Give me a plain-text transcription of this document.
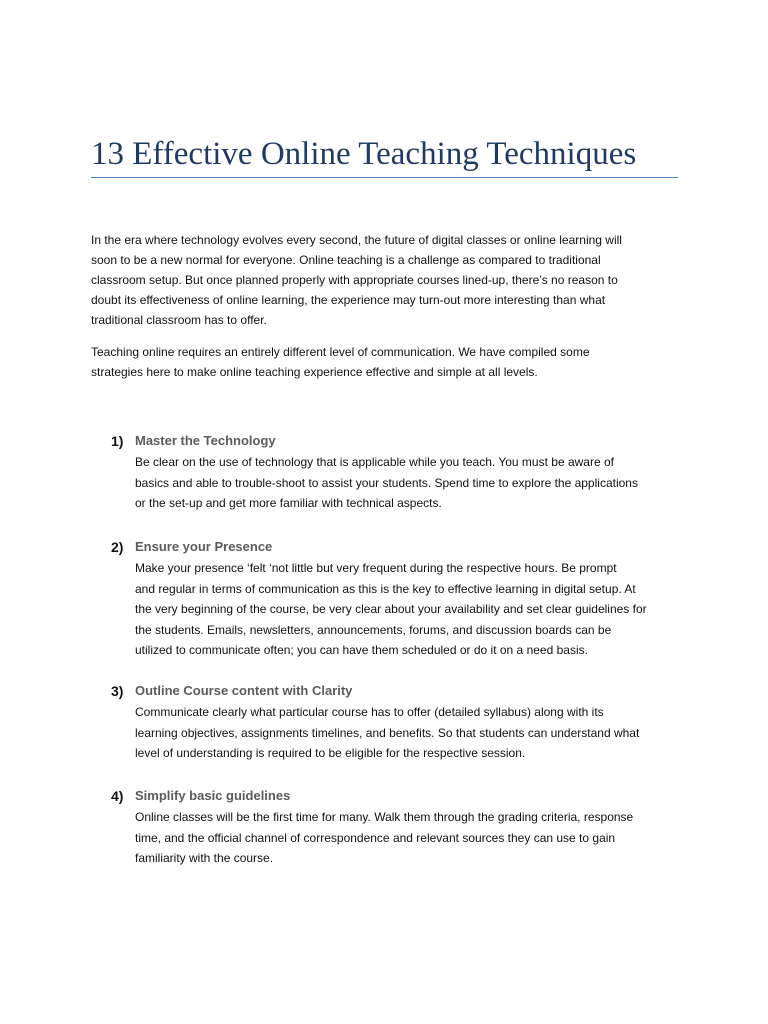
13 Effective Online Teaching Techniques

In the era where technology evolves every second, the future of digital classes or online learning will
soon to be a new normal for everyone. Online teaching is a challenge as compared to traditional
classroom setup. But once planned properly with appropriate courses lined-up, there’s no reason to
doubt its effectiveness of online learning, the experience may turn-out more interesting than what
traditional classroom has to offer.

Teaching online requires an entirely different level of communication. We have compiled some
strategies here to make online teaching experience effective and simple at all levels.

1) Master the Technology
Be clear on the use of technology that is applicable while you teach. You must be aware of
basics and able to trouble-shoot to assist your students. Spend time to explore the applications
or the set-up and get more familiar with technical aspects.
2) Ensure your Presence
Make your presence ‘felt ‘not little but very frequent during the respective hours. Be prompt
and regular in terms of communication as this is the key to effective learning in digital setup. At
the very beginning of the course, be very clear about your availability and set clear guidelines for
the students. Emails, newsletters, announcements, forums, and discussion boards can be
utilized to communicate often; you can have them scheduled or do it on a need basis.
3) Outline Course content with Clarity
Communicate clearly what particular course has to offer (detailed syllabus) along with its
learning objectives, assignments timelines, and benefits. So that students can understand what
level of understanding is required to be eligible for the respective session.
4) Simplify basic guidelines
Online classes will be the first time for many. Walk them through the grading criteria, response
time, and the official channel of correspondence and relevant sources they can use to gain
familiarity with the course.
